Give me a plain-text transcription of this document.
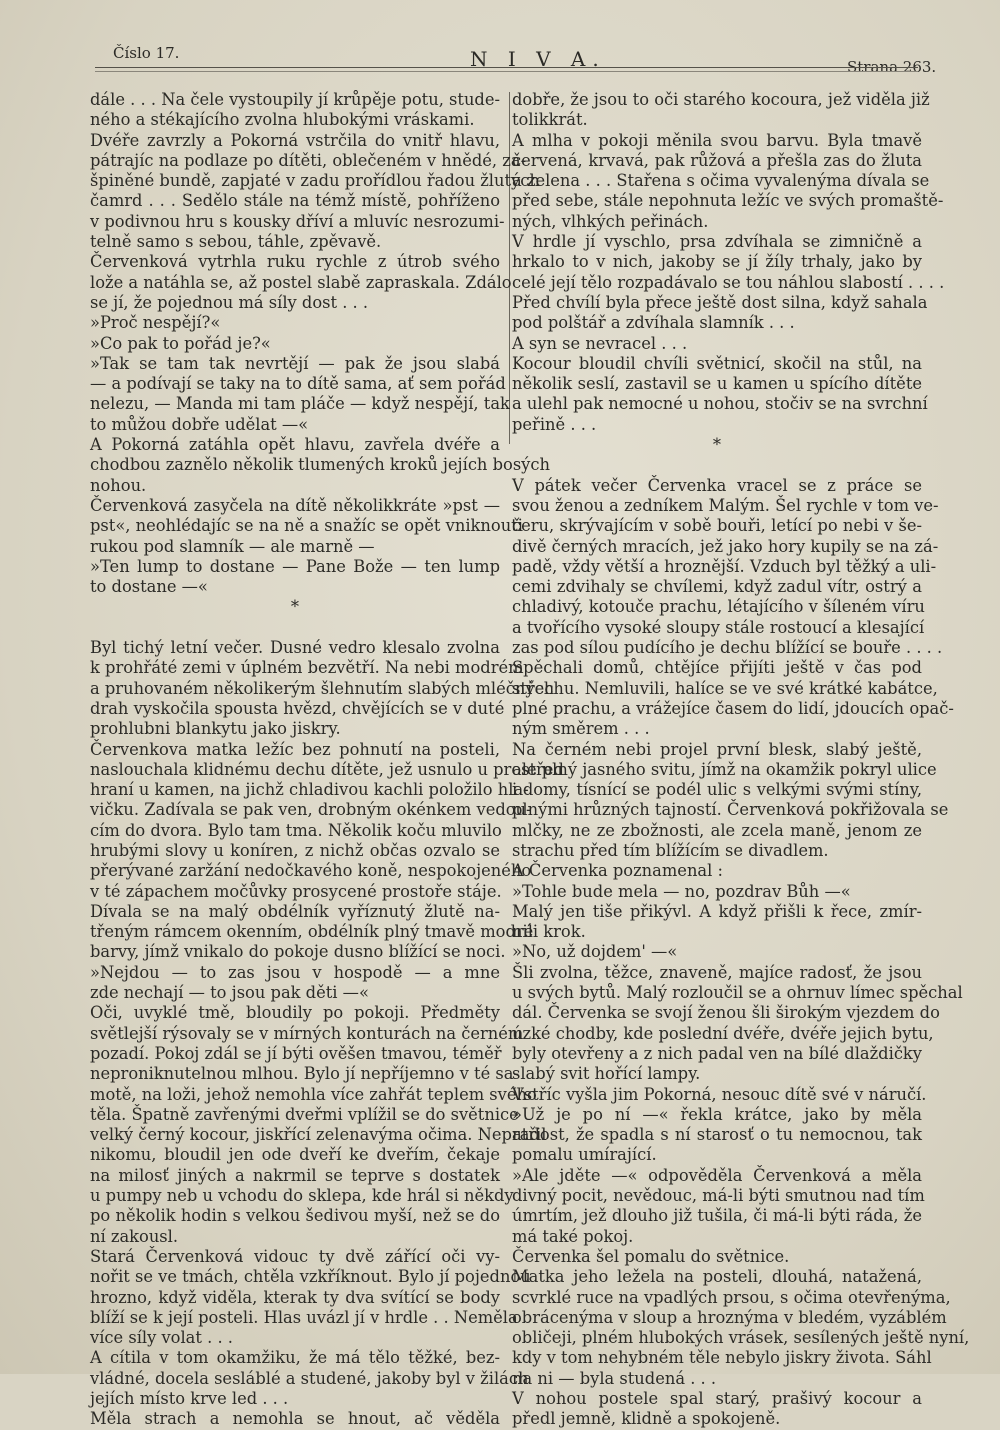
Číslo 17.	N I V A.	Strana 263.
dále . . . Na čele vystoupily jí krůpěje potu, stude-
ného a stékajícího zvolna hlubokými vráskami.
Dvéře zavrzly a Pokorná vstrčila do vnitř hlavu,
pátrajíc na podlaze po dítěti, oblečeném v hnědé, za-
špiněné bundě, zapjaté v zadu prořídlou řadou žlutých
čamrd . . . Sedělo stále na témž místě, pohříženo
v podivnou hru s kousky dříví a mluvíc nesrozumi-
telně samo s sebou, táhle, zpěvavě.
Červenková vytrhla ruku rychle z útrob svého
lože a natáhla se, až postel slabě zapraskala. Zdálo
se jí, že pojednou má síly dost . . .
»Proč nespějí?«
»Co pak to pořád je?«
»Tak se tam tak nevrtějí — pak že jsou slabá
— a podívají se taky na to dítě sama, ať sem pořád
nelezu, — Manda mi tam pláče — když nespějí, tak
to můžou dobře udělat —«
A Pokorná zatáhla opět hlavu, zavřela dvéře a
chodbou zaznělo několik tlumených kroků jejích bosých
nohou.
Červenková zasyčela na dítě několikkráte »pst —
pst«, neohlédajíc se na ně a snažíc se opět vniknouti
rukou pod slamník — ale marně —
»Ten lump to dostane — Pane Bože — ten lump
to dostane —«
*
Byl tichý letní večer. Dusné vedro klesalo zvolna
k prohřáté zemi v úplném bezvětří. Na nebi modrém
a pruhovaném několikerým šlehnutím slabých mléčných
drah vyskočila spousta hvězd, chvějících se v duté
prohlubni blankytu jako jiskry.
Červenkova matka ležíc bez pohnutí na posteli,
naslouchala klidnému dechu dítěte, jež usnulo u prostřed
hraní u kamen, na jichž chladivou kachli položilo hla-
vičku. Zadívala se pak ven, drobným okénkem vedou-
cím do dvora. Bylo tam tma. Několik koču mluvilo
hrubými slovy u koníren, z nichž občas ozvalo se
přerývané zaržání nedočkavého koně, nespokojeného
v té zápachem močůvky prosycené prostoře stáje.
Dívala se na malý obdélník vyříznutý žlutě na-
třeným rámcem okenním, obdélník plný tmavě modré
barvy, jímž vnikalo do pokoje dusno blížící se noci.
»Nejdou — to zas jsou v hospodě — a mne
zde nechají — to jsou pak děti —«
Oči, uvyklé tmě, bloudily po pokoji. Předměty
světlejší rýsovaly se v mírných konturách na černém
pozadí. Pokoj zdál se jí býti ověšen tmavou, téměř
neproniknutelnou mlhou. Bylo jí nepříjemno v té sa-
motě, na loži, jehož nemohla více zahřát teplem svého
těla. Špatně zavřenými dveřmi vplížil se do světnice
velký černý kocour, jiskřící zelenavýma očima. Nepatřil
nikomu, bloudil jen ode dveří ke dveřím, čekaje
na milosť jiných a nakrmil se teprve s dostatek
u pumpy neb u vchodu do sklepa, kde hrál si někdy
po několik hodin s velkou šedivou myší, než se do
ní zakousl.
Stará Červenková vidouc ty dvě zářící oči vy-
nořit se ve tmách, chtěla vzkříknout. Bylo jí pojednou
hrozno, když viděla, kterak ty dva svítící se body
blíží se k její posteli. Hlas uvázl jí v hrdle . . Neměla
více síly volat . . .
A cítila v tom okamžiku, že má tělo těžké, bez-
vládné, docela sesláblé a studené, jakoby byl v žilách
jejích místo krve led . . .
Měla strach a nemohla se hnout, ač věděla
dobře, že jsou to oči starého kocoura, jež viděla již
tolikkrát.
A mlha v pokoji měnila svou barvu. Byla tmavě
červená, krvavá, pak růžová a přešla zas do žluta
a zelena . . . Stařena s očima vyvalenýma dívala se
před sebe, stále nepohnuta ležíc ve svých promaště-
ných, vlhkých peřinách.
V hrdle jí vyschlo, prsa zdvíhala se zimničně a
hrkalo to v nich, jakoby se jí žíly trhaly, jako by
celé její tělo rozpadávalo se tou náhlou slabostí . . . .
Před chvílí byla přece ještě dost silna, když sahala
pod polštář a zdvíhala slamník . . .
A syn se nevracel . . .
Kocour bloudil chvíli světnicí, skočil na stůl, na
několik seslí, zastavil se u kamen u spícího dítěte
a ulehl pak nemocné u nohou, stočiv se na svrchní
peřině . . .
*
V pátek večer Červenka vracel se z práce se
svou ženou a zedníkem Malým. Šel rychle v tom ve-
čeru, skrývajícím v sobě bouři, letící po nebi v še-
divě černých mracích, jež jako hory kupily se na zá-
padě, vždy větší a hroznější. Vzduch byl těžký a uli-
cemi zdvihaly se chvílemi, když zadul vítr, ostrý a
chladivý, kotouče prachu, létajícího v šíleném víru
a tvořícího vysoké sloupy stále rostoucí a klesající
zas pod sílou pudícího je dechu blížící se bouře . . . .
Spěchali domů, chtějíce přijíti ještě v čas pod
střechu. Nemluvili, halíce se ve své krátké kabátce,
plné prachu, a vrážejíce časem do lidí, jdoucích opač-
ným směrem . . .
Na černém nebi projel první blesk, slabý ještě,
ale plný jasného svitu, jímž na okamžik pokryl ulice
i domy, tísnící se podél ulic s velkými svými stíny,
plnými hrůzných tajností. Červenková pokřižovala se
mlčky, ne ze zbožnosti, ale zcela maně, jenom ze
strachu před tím blížícím se divadlem.
A Červenka poznamenal :
»Tohle bude mela — no, pozdrav Bůh —«
Malý jen tiše přikývl. A když přišli k řece, zmír-
nili krok.
»No, už dojdem' —«
Šli zvolna, těžce, znaveně, majíce radosť, že jsou
u svých bytů. Malý rozloučil se a ohrnuv límec spěchal
dál. Červenka se svojí ženou šli širokým vjezdem do
úzké chodby, kde poslední dvéře, dvéře jejich bytu,
byly otevřeny a z nich padal ven na bílé dlaždičky
slabý svit hořící lampy.
Vstříc vyšla jim Pokorná, nesouc dítě své v náručí.
»Už je po ní —« řekla krátce, jako by měla
radost, že spadla s ní starosť o tu nemocnou, tak
pomalu umírající.
»Ale jděte —« odpověděla Červenková a měla
divný pocit, nevědouc, má-li býti smutnou nad tím
úmrtím, jež dlouho již tušila, či má-li býti ráda, že
má také pokoj.
Červenka šel pomalu do světnice.
Matka jeho ležela na posteli, dlouhá, natažená,
scvrklé ruce na vpadlých prsou, s očima otevřenýma,
obrácenýma v sloup a hroznýma v bledém, vyzáblém
obličeji, plném hlubokých vrásek, sesílených ještě nyní,
kdy v tom nehybném těle nebylo jiskry života. Sáhl
na ni — byla studená . . .
V nohou postele spal starý, prašivý kocour a
předl jemně, klidně a spokojeně.
